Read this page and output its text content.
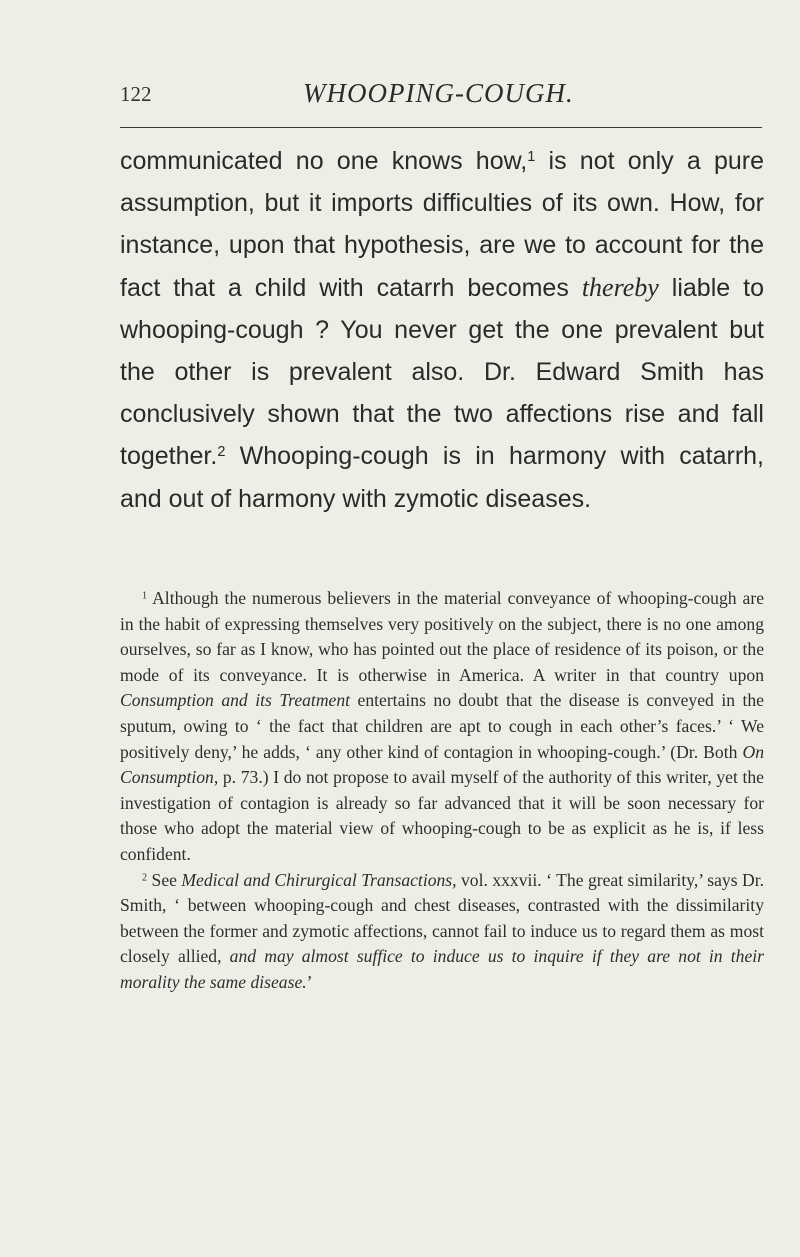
122	WHOOPING-COUGH.

communicated no one knows how,$^1$ is not only a pure assumption, but it imports difficulties of its own. How, for instance, upon that hypothesis, are we to account for the fact that a child with catarrh becomes thereby liable to whooping-cough ? You never get the one prevalent but the other is prevalent also. Dr. Edward Smith has conclusively shown that the two affections rise and fall together.$^2$ Whooping-cough is in harmony with catarrh, and out of harmony with zymotic diseases.

$^1$ Although the numerous believers in the material conveyance of whooping-cough are in the habit of expressing themselves very positively on the subject, there is no one among ourselves, so far as I know, who has pointed out the place of residence of its poison, or the mode of its conveyance. It is otherwise in America. A writer in that country upon Consumption and its Treatment entertains no doubt that the disease is conveyed in the sputum, owing to ‘ the fact that children are apt to cough in each other’s faces.’ ‘ We positively deny,’ he adds, ‘ any other kind of contagion in whooping-cough.’ (Dr. Both On Consumption, p. 73.) I do not propose to avail myself of the authority of this writer, yet the investigation of contagion is already so far advanced that it will be soon necessary for those who adopt the material view of whooping-cough to be as explicit as he is, if less confident.

$^2$ See Medical and Chirurgical Transactions, vol. xxxvii. ‘ The great similarity,’ says Dr. Smith, ‘ between whooping-cough and chest diseases, contrasted with the dissimilarity between the former and zymotic affections, cannot fail to induce us to regard them as most closely allied, and may almost suffice to induce us to inquire if they are not in their morality the same disease.’
